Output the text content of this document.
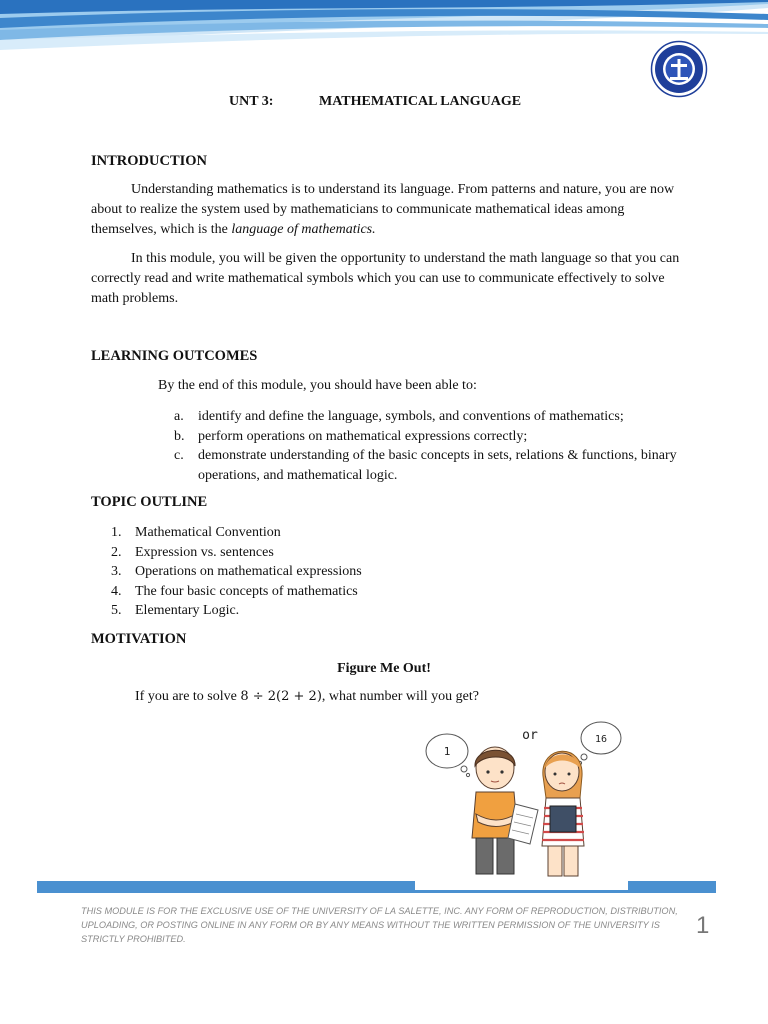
UNT 3:	MATHEMATICAL LANGUAGE
INTRODUCTION

Understanding mathematics is to understand its language. From patterns and nature, you are now about to realize the system used by mathematicians to communicate mathematical ideas among themselves, which is the language of mathematics.

In this module, you will be given the opportunity to understand the math language so that you can correctly read and write mathematical symbols which you can use to communicate effectively to solve math problems.

LEARNING OUTCOMES
By the end of this module, you should have been able to:
a. identify and define the language, symbols, and conventions of mathematics;
b. perform operations on mathematical expressions correctly;
c. demonstrate understanding of the basic concepts in sets, relations & functions, binary operations, and mathematical logic.
TOPIC OUTLINE
1. Mathematical Convention
2. Expression vs. sentences
3. Operations on mathematical expressions
4. The four basic concepts of mathematics
5. Elementary Logic.
MOTIVATION
Figure Me Out!
If you are to solve 8 ÷ 2(2 + 2), what number will you get?
1
or	16
THIS MODULE IS FOR THE EXCLUSIVE USE OF THE UNIVERSITY OF LA SALETTE, INC. ANY FORM OF REPRODUCTION, DISTRIBUTION, UPLOADING, OR POSTING ONLINE IN ANY FORM OR BY ANY MEANS WITHOUT THE WRITTEN PERMISSION OF THE UNIVERSITY IS STRICTLY PROHIBITED.	1
